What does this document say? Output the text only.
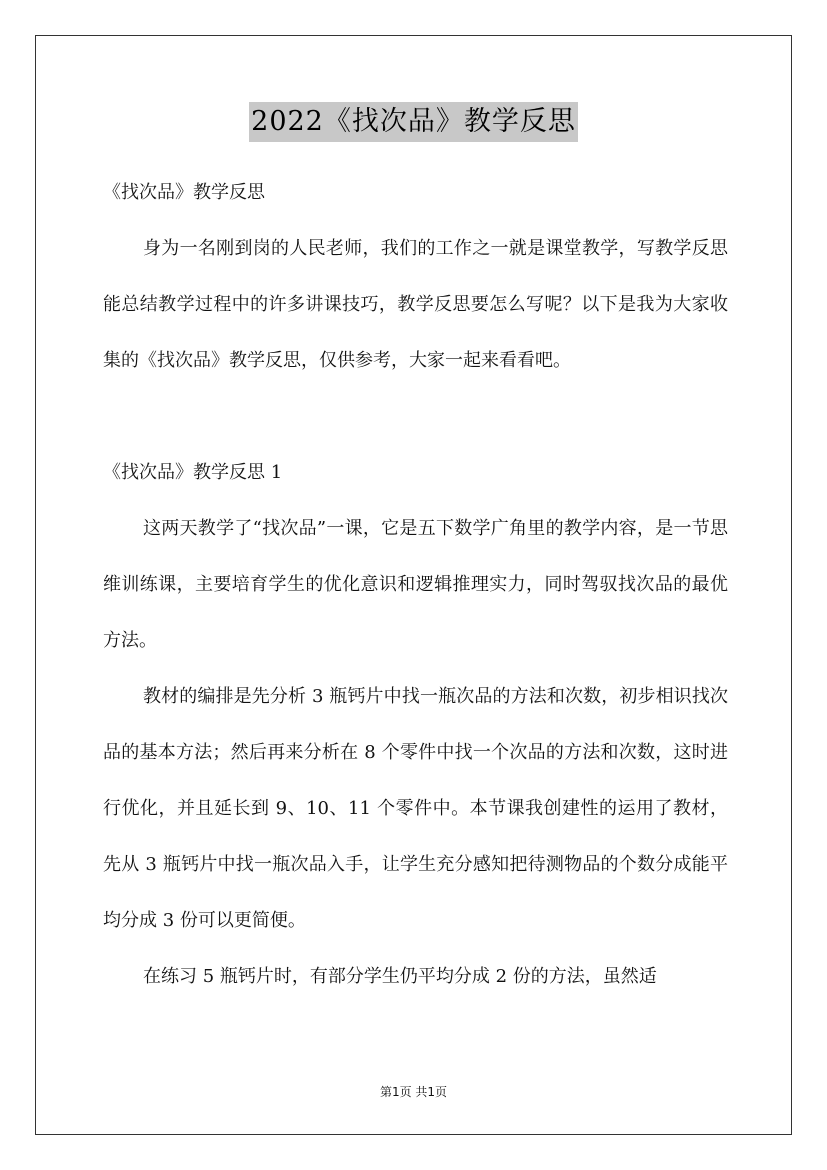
2022《找次品》教学反思

《找次品》教学反思

身为一名刚到岗的人民老师，我们的工作之一就是课堂教学，写教学反思能总结教学过程中的许多讲课技巧，教学反思要怎么写呢？以下是我为大家收集的《找次品》教学反思，仅供参考，大家一起来看看吧。

《找次品》教学反思 1

这两天教学了“找次品”一课，它是五下数学广角里的教学内容，是一节思维训练课，主要培育学生的优化意识和逻辑推理实力，同时驾驭找次品的最优方法。

教材的编排是先分析 3 瓶钙片中找一瓶次品的方法和次数，初步相识找次品的基本方法；然后再来分析在 8 个零件中找一个次品的方法和次数，这时进行优化，并且延长到 9、10、11 个零件中。本节课我创建性的运用了教材，先从 3 瓶钙片中找一瓶次品入手，让学生充分感知把待测物品的个数分成能平均分成 3 份可以更简便。

在练习 5 瓶钙片时，有部分学生仍平均分成 2 份的方法，虽然适

第1页 共1页
